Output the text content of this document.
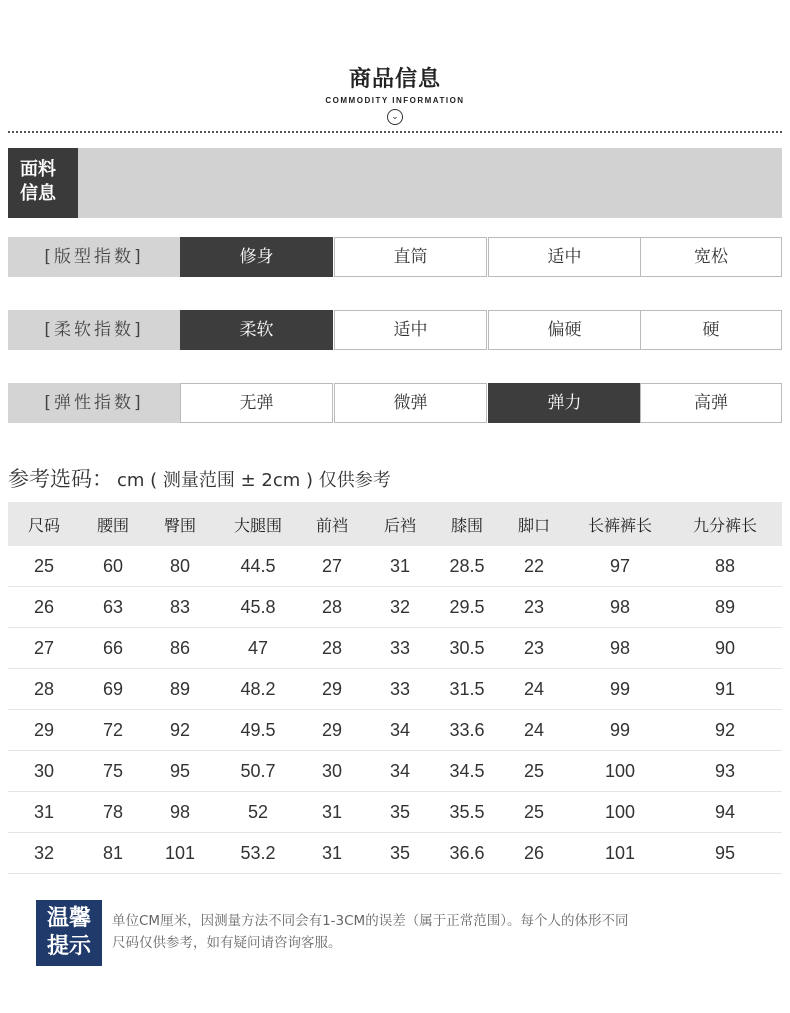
商品信息
COMMODITY INFORMATION
⌄
面料
信息
[版型指数]	修身	直筒	适中	宽松
[柔软指数]	柔软	适中	偏硬	硬
[弹性指数]	无弹	微弹	弹力	高弹
参考选码： cm ( 测量范围 ± 2cm ) 仅供参考
尺码	腰围	臀围	大腿围	前裆	后裆	膝围	脚口	长裤裤长	九分裤长
25	60	80	44.5	27	31	28.5	22	97	88
26	63	83	45.8	28	32	29.5	23	98	89
27	66	86	47	28	33	30.5	23	98	90
28	69	89	48.2	29	33	31.5	24	99	91
29	72	92	49.5	29	34	33.6	24	99	92
30	75	95	50.7	30	34	34.5	25	100	93
31	78	98	52	31	35	35.5	25	100	94
32	81	101	53.2	31	35	36.6	26	101	95
温馨
提示
单位CM厘米，因测量方法不同会有1-3CM的误差（属于正常范围）。每个人的体形不同
尺码仅供参考，如有疑问请咨询客服。
